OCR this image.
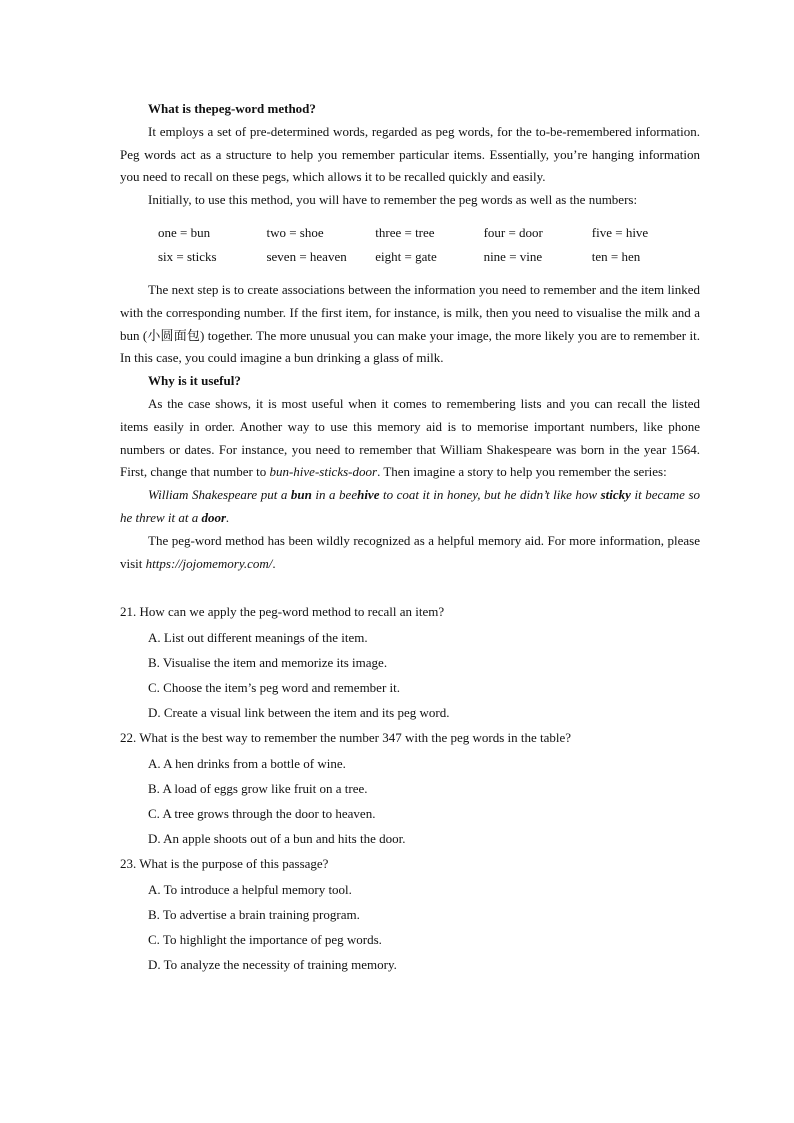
What is thepeg-word method?

It employs a set of pre-determined words, regarded as peg words, for the to-be-remembered information. Peg words act as a structure to help you remember particular items. Essentially, you’re hanging information you need to recall on these pegs, which allows it to be recalled quickly and easily.

Initially, to use this method, you will have to remember the peg words as well as the numbers:

one = bun	two = shoe	three = tree	four = door	five = hive
six = sticks	seven = heaven	eight = gate	nine = vine	ten = hen

The next step is to create associations between the information you need to remember and the item linked with the corresponding number. If the first item, for instance, is milk, then you need to visualise the milk and a bun (小圆面包) together. The more unusual you can make your image, the more likely you are to remember it. In this case, you could imagine a bun drinking a glass of milk.

Why is it useful?

As the case shows, it is most useful when it comes to remembering lists and you can recall the listed items easily in order. Another way to use this memory aid is to memorise important numbers, like phone numbers or dates. For instance, you need to remember that William Shakespeare was born in the year 1564. First, change that number to bun-hive-sticks-door. Then imagine a story to help you remember the series:

William Shakespeare put a bun in a beehive to coat it in honey, but he didn’t like how sticky it became so he threw it at a door.

The peg-word method has been wildly recognized as a helpful memory aid. For more information, please visit https://jojomemory.com/.

21. How can we apply the peg-word method to recall an item?

A. List out different meanings of the item.

B. Visualise the item and memorize its image.

C. Choose the item’s peg word and remember it.

D. Create a visual link between the item and its peg word.

22. What is the best way to remember the number 347 with the peg words in the table?

A. A hen drinks from a bottle of wine.

B. A load of eggs grow like fruit on a tree.

C. A tree grows through the door to heaven.

D. An apple shoots out of a bun and hits the door.

23. What is the purpose of this passage?

A. To introduce a helpful memory tool.

B. To advertise a brain training program.

C. To highlight the importance of peg words.

D. To analyze the necessity of training memory.
